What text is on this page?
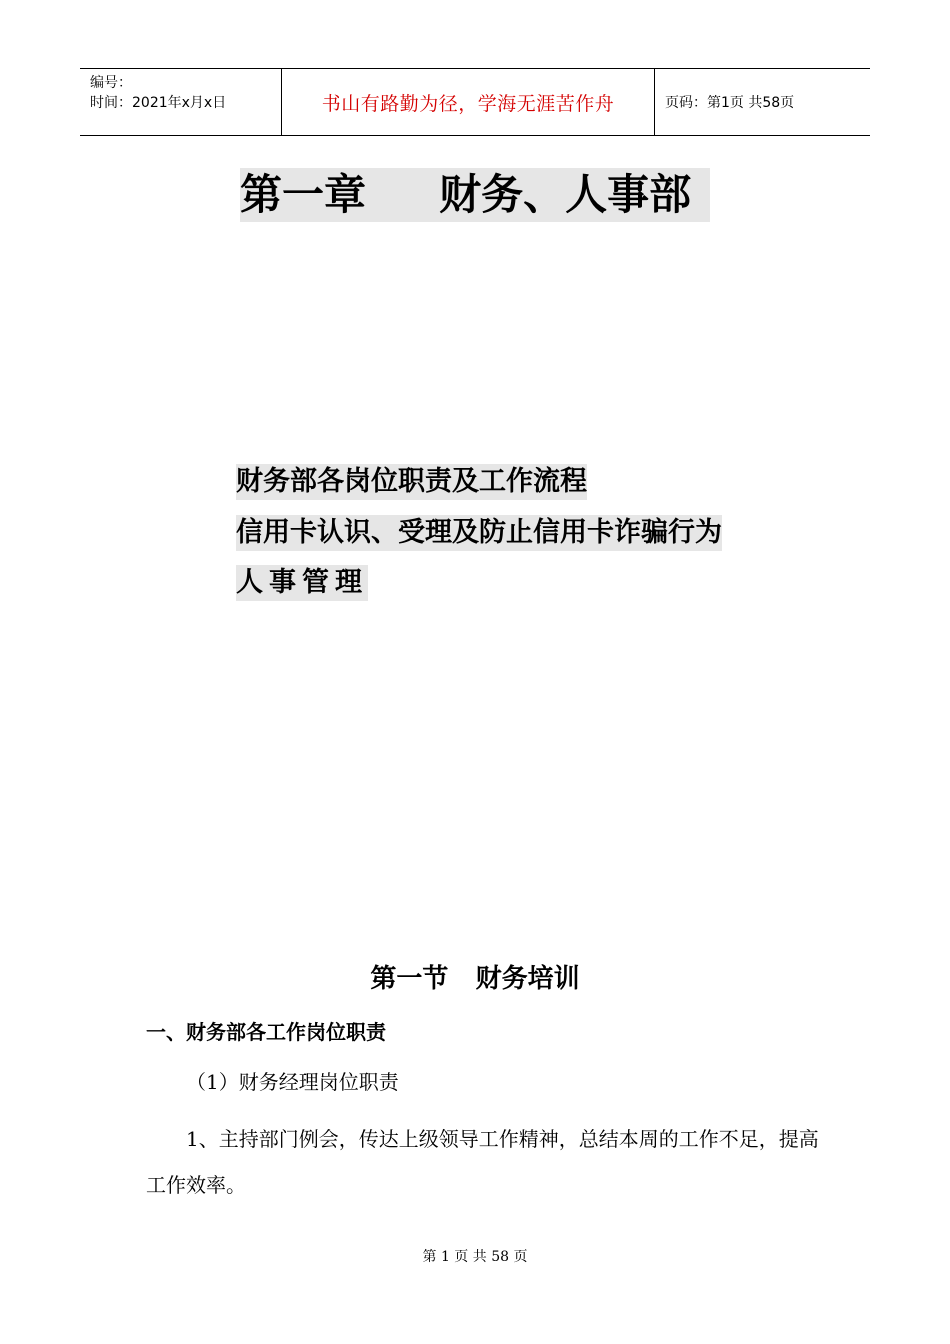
编号：
时间：2021年x月x日	书山有路勤为径，学海无涯苦作舟	页码：第1页 共58页
第一章     财务、人事部
财务部各岗位职责及工作流程
信用卡认识、受理及防止信用卡诈骗行为
人事管理
第一节   财务培训
一、财务部各工作岗位职责
（1）财务经理岗位职责
1、主持部门例会，传达上级领导工作精神，总结本周的工作不足，提高工作效率。
第 1 页 共 58 页
